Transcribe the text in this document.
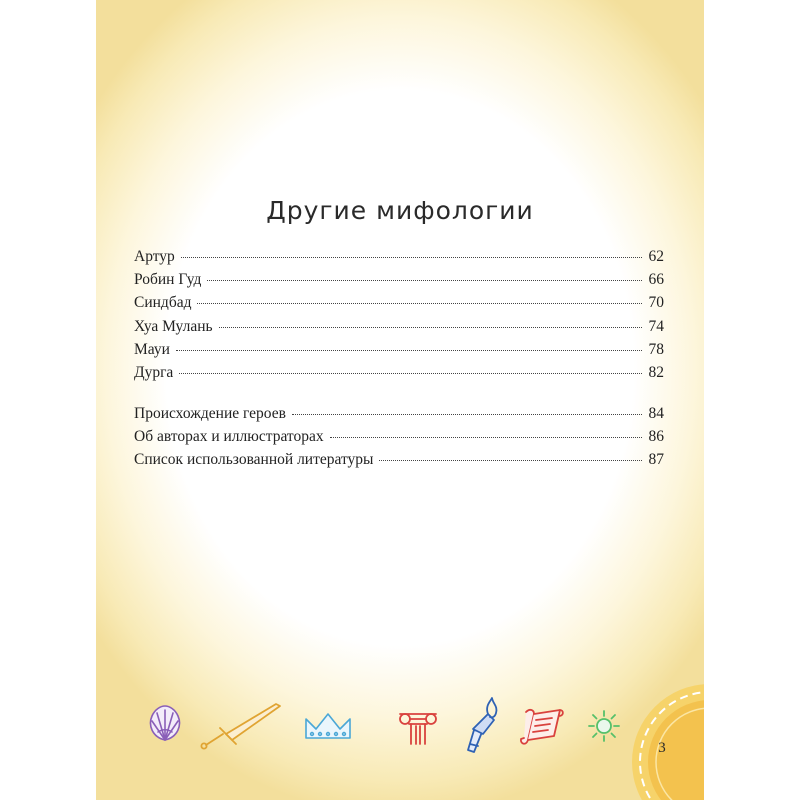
Другие мифологии
Артур	62
Робин Гуд	66
Синдбад	70
Хуа Мулань	74
Мауи	78
Дурга	82
Происхождение героев	84
Об авторах и иллюстраторах	86
Список использованной литературы	87
3
